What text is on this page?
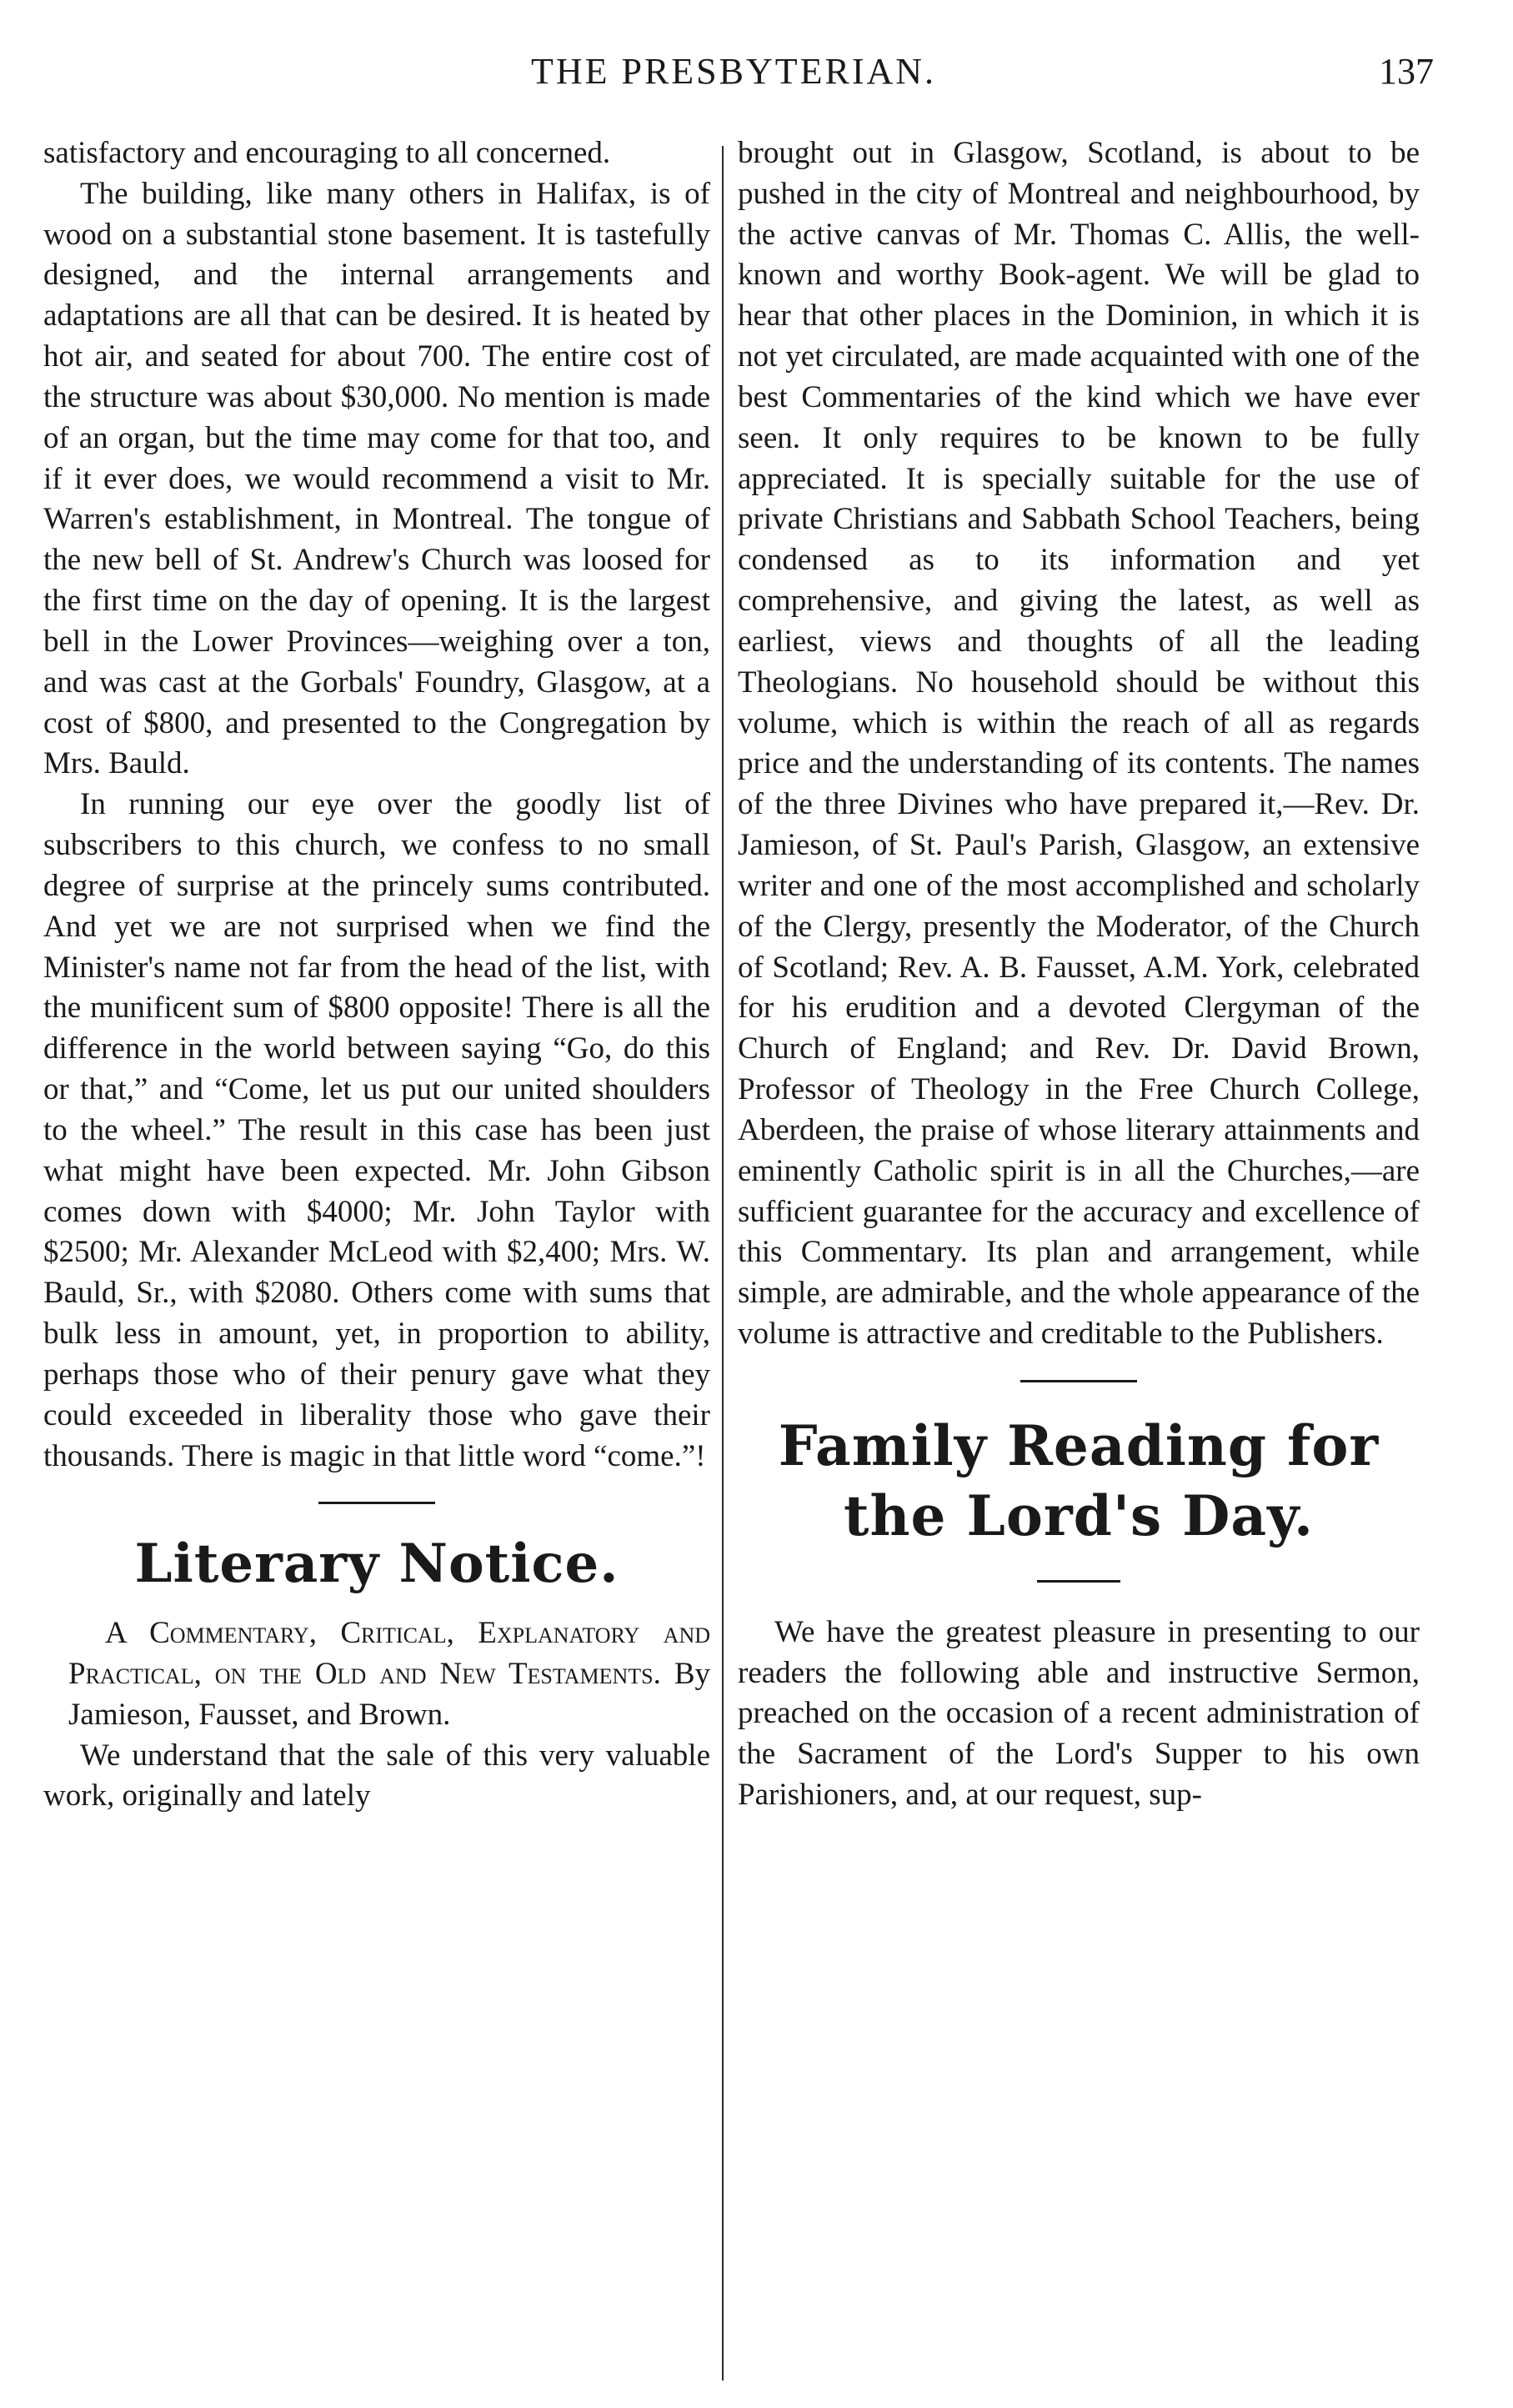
THE PRESBYTERIAN.	137

satisfactory and encouraging to all concerned.

The building, like many others in Halifax, is of wood on a substantial stone basement. It is tastefully designed, and the internal arrangements and adaptations are all that can be desired. It is heated by hot air, and seated for about 700. The entire cost of the structure was about $30,000. No mention is made of an organ, but the time may come for that too, and if it ever does, we would recommend a visit to Mr. Warren's establishment, in Montreal. The tongue of the new bell of St. Andrew's Church was loosed for the first time on the day of opening. It is the largest bell in the Lower Provinces—weighing over a ton, and was cast at the Gorbals' Foundry, Glasgow, at a cost of $800, and presented to the Congregation by Mrs. Bauld.

In running our eye over the goodly list of subscribers to this church, we confess to no small degree of surprise at the princely sums contributed. And yet we are not surprised when we find the Minister's name not far from the head of the list, with the munificent sum of $800 opposite! There is all the difference in the world between saying “Go, do this or that,” and “Come, let us put our united shoulders to the wheel.” The result in this case has been just what might have been expected. Mr. John Gibson comes down with $4000; Mr. John Taylor with $2500; Mr. Alexander McLeod with $2,400; Mrs. W. Bauld, Sr., with $2080. Others come with sums that bulk less in amount, yet, in proportion to ability, perhaps those who of their penury gave what they could exceeded in liberality those who gave their thousands. There is magic in that little word “come.”!

Literary Notice.

A Commentary, Critical, Explanatory and Practical, on the Old and New Testaments. By Jamieson, Fausset, and Brown.

We understand that the sale of this very valuable work, originally and lately

brought out in Glasgow, Scotland, is about to be pushed in the city of Montreal and neighbourhood, by the active canvas of Mr. Thomas C. Allis, the well-known and worthy Book-agent. We will be glad to hear that other places in the Dominion, in which it is not yet circulated, are made acquainted with one of the best Commentaries of the kind which we have ever seen. It only requires to be known to be fully appreciated. It is specially suitable for the use of private Christians and Sabbath School Teachers, being condensed as to its information and yet comprehensive, and giving the latest, as well as earliest, views and thoughts of all the leading Theologians. No household should be without this volume, which is within the reach of all as regards price and the understanding of its contents. The names of the three Divines who have prepared it,—Rev. Dr. Jamieson, of St. Paul's Parish, Glasgow, an extensive writer and one of the most accomplished and scholarly of the Clergy, presently the Moderator, of the Church of Scotland; Rev. A. B. Fausset, A.M. York, celebrated for his erudition and a devoted Clergyman of the Church of England; and Rev. Dr. David Brown, Professor of Theology in the Free Church College, Aberdeen, the praise of whose literary attainments and eminently Catholic spirit is in all the Churches,—are sufficient guarantee for the accuracy and excellence of this Commentary. Its plan and arrangement, while simple, are admirable, and the whole appearance of the volume is attractive and creditable to the Publishers.

Family Reading for the Lord's Day.

We have the greatest pleasure in presenting to our readers the following able and instructive Sermon, preached on the occasion of a recent administration of the Sacrament of the Lord's Supper to his own Parishioners, and, at our request, sup-
